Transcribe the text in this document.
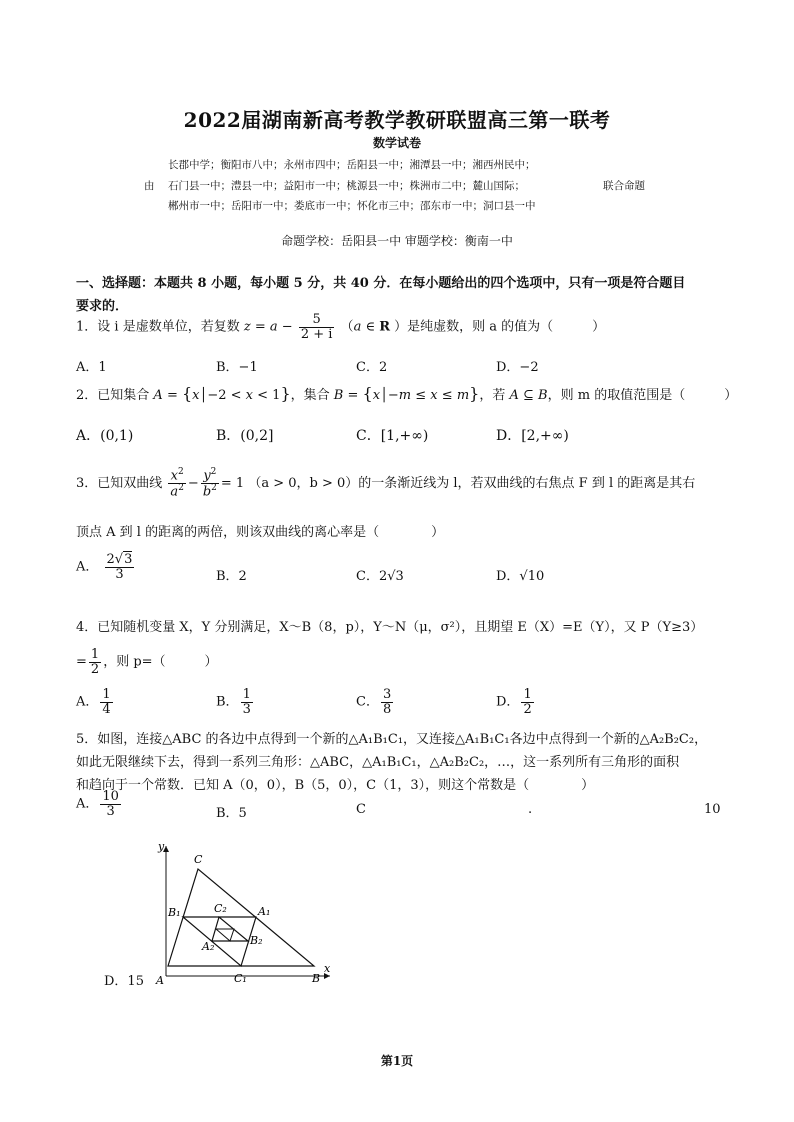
2022届湖南新高考教学教研联盟高三第一联考
数学试卷
长郡中学；衡阳市八中；永州市四中；岳阳县一中；湘潭县一中；湘西州民中；
由 石门县一中；澧县一中；益阳市一中；桃源县一中；株洲市二中；麓山国际；	联合命题
郴州市一中；岳阳市一中；娄底市一中；怀化市三中；邵东市一中；洞口县一中
命题学校：岳阳县一中 审题学校：衡南一中
一、选择题：本题共 8 小题，每小题 5 分，共 40 分．在每小题给出的四个选项中，只有一项是符合题目
要求的．
1．设 i 是虚数单位，若复数 $z = a - \frac{5}{2 + i} (a$ ∈ R ）是纯虚数，则 a 的值为（　　　）
A．1	B．−1	C．2	D．−2
2．已知集合 A = {x│−2 < x < 1}，集合 B = {x│−m ≤ x ≤ m}，若 A ⊆ B，则 m 的取值范围是（　　　）
A．(0,1)	B．(0,2]	C．[1,+∞)	D．[2,+∞)
3．已知双曲线 $\frac{x^2}{a^2} - \frac{y^2}{b^2} = 1$ （a > 0，b > 0）的一条渐近线为 l，若双曲线的右焦点 F 到 l 的距离是其右
顶点 A 到 l 的距离的两倍，则该双曲线的离心率是（　　　　）
A． $\frac{2√3}{3}$	B．2	C．2√3	D．√10
4．已知随机变量 X，Y 分别满足，X～B（8，p），Y～N（μ，σ²），且期望 E（X）=E（Y），又 P（Y≥3）
= $\frac{1}{2}$ ，则 p=（　　　）
A． $\frac{1}{4}$	B． $\frac{1}{3}$	C． $\frac{3}{8}$	D． $\frac{1}{2}$
5．如图，连接△ABC 的各边中点得到一个新的△A₁B₁C₁，又连接△A₁B₁C₁各边中点得到一个新的△A₂B₂C₂，
如此无限继续下去，得到一系列三角形：△ABC，△A₁B₁C₁，△A₂B₂C₂，…，这一系列所有三角形的面积
和趋向于一个常数．已知 A（0，0），B（5，0），C（1，3），则这个常数是（　　　　）
A． $\frac{10}{3}$	B．5	C	.	10
D．15
y
C
B₁	C₂	A₁
A₂	B₂
A	C₁	B
x
第1页
